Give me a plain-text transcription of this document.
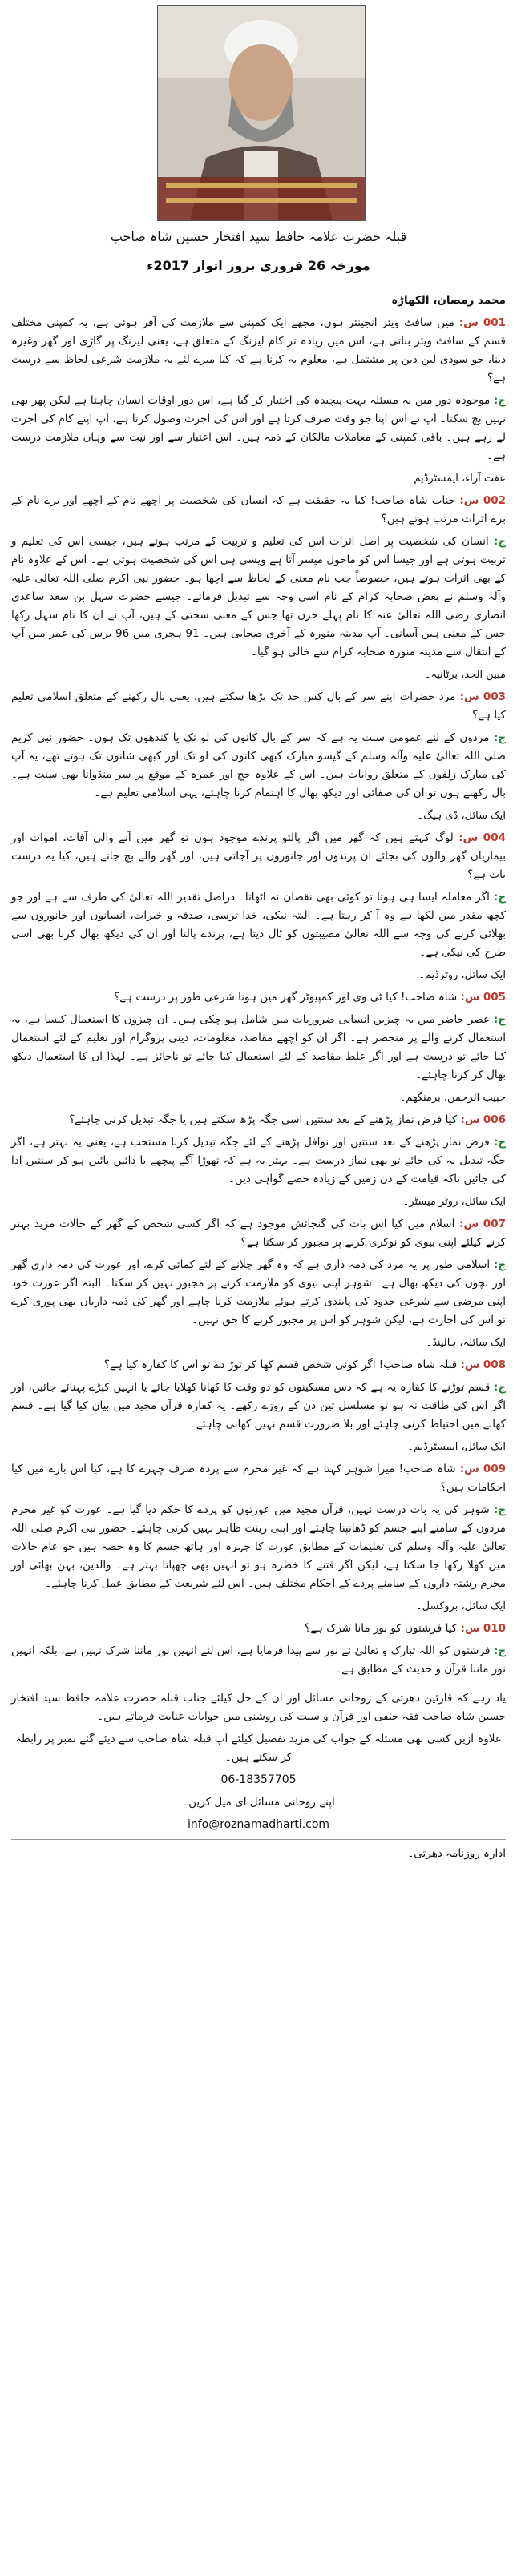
قبلہ حضرت علامہ حافظ سید افتخار حسین شاہ صاحب
مورخہ 26 فروری بروز اتوار 2017ء

محمد رمضان، الکھاڑہ

001 س: میں سافٹ ویئر انجینئر ہوں، مجھے ایک کمپنی سے ملازمت کی آفر ہوئی ہے، یہ کمپنی مختلف قسم کے سافٹ ویئر بناتی ہے، اس میں زیادہ تر کام لیزنگ کے متعلق ہے، یعنی لیزنگ پر گاڑی اور گھر وغیرہ دینا، جو سودی لین دین پر مشتمل ہے، معلوم یہ کرنا ہے کہ کیا میرے لئے یہ ملازمت شرعی لحاظ سے درست ہے؟

ج: موجودہ دور میں یہ مسئلہ بہت پیچیدہ کی اختیار کر گیا ہے، اس دور اوقات انسان چاہتا ہے لیکن پھر بھی نہیں بچ سکتا۔ آپ نے اس اپنا جو وقت صرف کرتا ہے اور اس کی اجرت وصول کرتا ہے، آپ اپنے کام کی اجرت لے رہے ہیں۔ باقی کمپنی کے معاملات مالکان کے ذمہ ہیں۔ اس اعتبار سے اور نیت سے وہاں ملازمت درست ہے۔

عفت آراء، ایمسٹرڈیم۔

002 س: جناب شاہ صاحب! کیا یہ حقیقت ہے کہ انسان کی شخصیت پر اچھے نام کے اچھے اور برے نام کے برے اثرات مرتب ہوتے ہیں؟

ج: انسان کی شخصیت پر اصل اثرات اس کی تعلیم و تربیت کے مرتب ہوتے ہیں، جیسی اس کی تعلیم و تربیت ہوتی ہے اور جیسا اس کو ماحول میسر آتا ہے ویسی ہی اس کی شخصیت ہوتی ہے۔ اس کے علاوہ نام کے بھی اثرات ہوتے ہیں، خصوصاً جب نام معنی کے لحاظ سے اچھا ہو۔ حضور نبی اکرم صلی اللہ تعالیٰ علیہ وآلہ وسلم نے بعض صحابہ کرام کے نام اسی وجہ سے تبدیل فرمائے۔ جیسے حضرت سہل بن سعد ساعدی انصاری رضی اللہ تعالیٰ عنہ کا نام پہلے حزن تھا جس کے معنی سختی کے ہیں، آپ نے ان کا نام سہل رکھا جس کے معنی ہیں آسانی۔ آپ مدینہ منورہ کے آخری صحابی ہیں۔ 91 ہجری میں 96 برس کی عمر میں آپ کے انتقال سے مدینہ منورہ صحابہ کرام سے خالی ہو گیا۔

مبین الحد، برٹانیہ۔

003 س: مرد حضرات اپنے سر کے بال کس حد تک بڑھا سکتے ہیں، یعنی بال رکھنے کے متعلق اسلامی تعلیم کیا ہے؟

ج: مردوں کے لئے عمومی سنت یہ ہے کہ سر کے بال کانوں کی لو تک یا کندھوں تک ہوں۔ حضور نبی کریم صلی اللہ تعالیٰ علیہ وآلہ وسلم کے گیسو مبارک کبھی کانوں کی لو تک اور کبھی شانوں تک ہوتے تھے، یہ آپ کی مبارک زلفوں کے متعلق روایات ہیں۔ اس کے علاوہ حج اور عمرہ کے موقع پر سر منڈوانا بھی سنت ہے۔ بال رکھنے ہوں تو ان کی صفائی اور دیکھ بھال کا اہتمام کرنا چاہئے، یہی اسلامی تعلیم ہے۔

ایک سائل، ڈی ہیگ۔

004 س: لوگ کہتے ہیں کہ گھر میں اگر پالتو پرندے موجود ہوں تو گھر میں آنے والی آفات، اموات اور بیماریاں گھر والوں کی بجائے ان پرندوں اور جانوروں پر آجاتی ہیں، اور گھر والے بچ جاتے ہیں، کیا یہ درست بات ہے؟

ج: اگر معاملہ ایسا ہی ہوتا تو کوئی بھی نقصان نہ اٹھاتا۔ دراصل تقدیر اللہ تعالیٰ کی طرف سے ہے اور جو کچھ مقدر میں لکھا ہے وہ آ کر رہتا ہے۔ البتہ نیکی، خدا ترسی، صدقہ و خیرات، انسانوں اور جانوروں سے بھلائی کرنے کی وجہ سے اللہ تعالیٰ مصیبتوں کو ٹال دیتا ہے، پرندے پالنا اور ان کی دیکھ بھال کرنا بھی اسی طرح کی نیکی ہے۔

ایک سائل، روٹرڈیم۔

005 س: شاہ صاحب! کیا ٹی وی اور کمپیوٹر گھر میں ہونا شرعی طور پر درست ہے؟

ج: عصر حاضر میں یہ چیزیں انسانی ضروریات میں شامل ہو چکی ہیں۔ ان چیزوں کا استعمال کیسا ہے، یہ استعمال کرنے والے پر منحصر ہے۔ اگر ان کو اچھے مقاصد، معلومات، دینی پروگرام اور تعلیم کے لئے استعمال کیا جائے تو درست ہے اور اگر غلط مقاصد کے لئے استعمال کیا جائے تو ناجائز ہے۔ لہٰذا ان کا استعمال دیکھ بھال کر کرنا چاہئے۔

حبیب الرحمٰن، برمنگھم۔

006 س: کیا فرض نماز پڑھنے کے بعد سنتیں اسی جگہ پڑھ سکتے ہیں یا جگہ تبدیل کرنی چاہئے؟

ج: فرض نماز پڑھنے کے بعد سنتیں اور نوافل پڑھنے کے لئے جگہ تبدیل کرنا مستحب ہے، یعنی یہ بہتر ہے، اگر جگہ تبدیل نہ کی جائے تو بھی نماز درست ہے۔ بہتر یہ ہے کہ تھوڑا آگے پیچھے یا دائیں بائیں ہو کر سنتیں ادا کی جائیں تاکہ قیامت کے دن زمین کے زیادہ حصے گواہی دیں۔

ایک سائل، روٹر میسٹر۔

007 س: اسلام میں کیا اس بات کی گنجائش موجود ہے کہ اگر کسی شخص کے گھر کے حالات مزید بہتر کرنے کیلئے اپنی بیوی کو نوکری کرنے پر مجبور کر سکتا ہے؟

ج: اسلامی طور پر یہ مرد کی ذمہ داری ہے کہ وہ گھر چلانے کے لئے کمائی کرے، اور عورت کی ذمہ داری گھر اور بچوں کی دیکھ بھال ہے۔ شوہر اپنی بیوی کو ملازمت کرنے پر مجبور نہیں کر سکتا۔ البتہ اگر عورت خود اپنی مرضی سے شرعی حدود کی پابندی کرتے ہوئے ملازمت کرنا چاہے اور گھر کی ذمہ داریاں بھی پوری کرے تو اس کی اجازت ہے، لیکن شوہر کو اس پر مجبور کرنے کا حق نہیں۔

ایک سائلہ، ہالینڈ۔

008 س: قبلہ شاہ صاحب! اگر کوئی شخص قسم کھا کر توڑ دے تو اس کا کفارہ کیا ہے؟

ج: قسم توڑنے کا کفارہ یہ ہے کہ دس مسکینوں کو دو وقت کا کھانا کھلایا جائے یا انہیں کپڑے پہنائے جائیں، اور اگر اس کی طاقت نہ ہو تو مسلسل تین دن کے روزے رکھے۔ یہ کفارہ قرآن مجید میں بیان کیا گیا ہے۔ قسم کھانے میں احتیاط کرنی چاہئے اور بلا ضرورت قسم نہیں کھانی چاہئے۔

ایک سائل، ایمسٹرڈیم۔

009 س: شاہ صاحب! میرا شوہر کہتا ہے کہ غیر محرم سے پردہ صرف چہرے کا ہے، کیا اس بارے میں کیا احکامات ہیں؟

ج: شوہر کی یہ بات درست نہیں، قرآن مجید میں عورتوں کو پردے کا حکم دیا گیا ہے۔ عورت کو غیر محرم مردوں کے سامنے اپنے جسم کو ڈھانپنا چاہئے اور اپنی زینت ظاہر نہیں کرنی چاہئے۔ حضور نبی اکرم صلی اللہ تعالیٰ علیہ وآلہ وسلم کی تعلیمات کے مطابق عورت کا چہرہ اور ہاتھ جسم کا وہ حصہ ہیں جو عام حالات میں کھلا رکھا جا سکتا ہے، لیکن اگر فتنے کا خطرہ ہو تو انہیں بھی چھپانا بہتر ہے۔ والدین، بہن بھائی اور محرم رشتہ داروں کے سامنے پردے کے احکام مختلف ہیں۔ اس لئے شریعت کے مطابق عمل کرنا چاہئے۔

ایک سائل، بروکسل۔

010 س: کیا فرشتوں کو نور مانا شرک ہے؟

ج: فرشتوں کو اللہ تبارک و تعالیٰ نے نور سے پیدا فرمایا ہے، اس لئے انہیں نور ماننا شرک نہیں ہے، بلکہ انہیں نور ماننا قرآن و حدیث کے مطابق ہے۔

یاد رہے کہ قارئین دھرتی کے روحانی مسائل اور ان کے حل کیلئے جناب قبلہ حضرت علامہ حافظ سید افتخار حسین شاہ صاحب فقہ حنفی اور قرآن و سنت کی روشنی میں جوابات عنایت فرماتے ہیں۔

علاوہ ازیں کسی بھی مسئلہ کے جواب کی مزید تفصیل کیلئے آپ قبلہ شاہ صاحب سے دیئے گئے نمبر پر رابطہ کر سکتے ہیں۔

06-18357705

اپنے روحانی مسائل ای میل کریں۔

info@roznamadharti.com

ادارہ روزنامہ دھرتی۔
